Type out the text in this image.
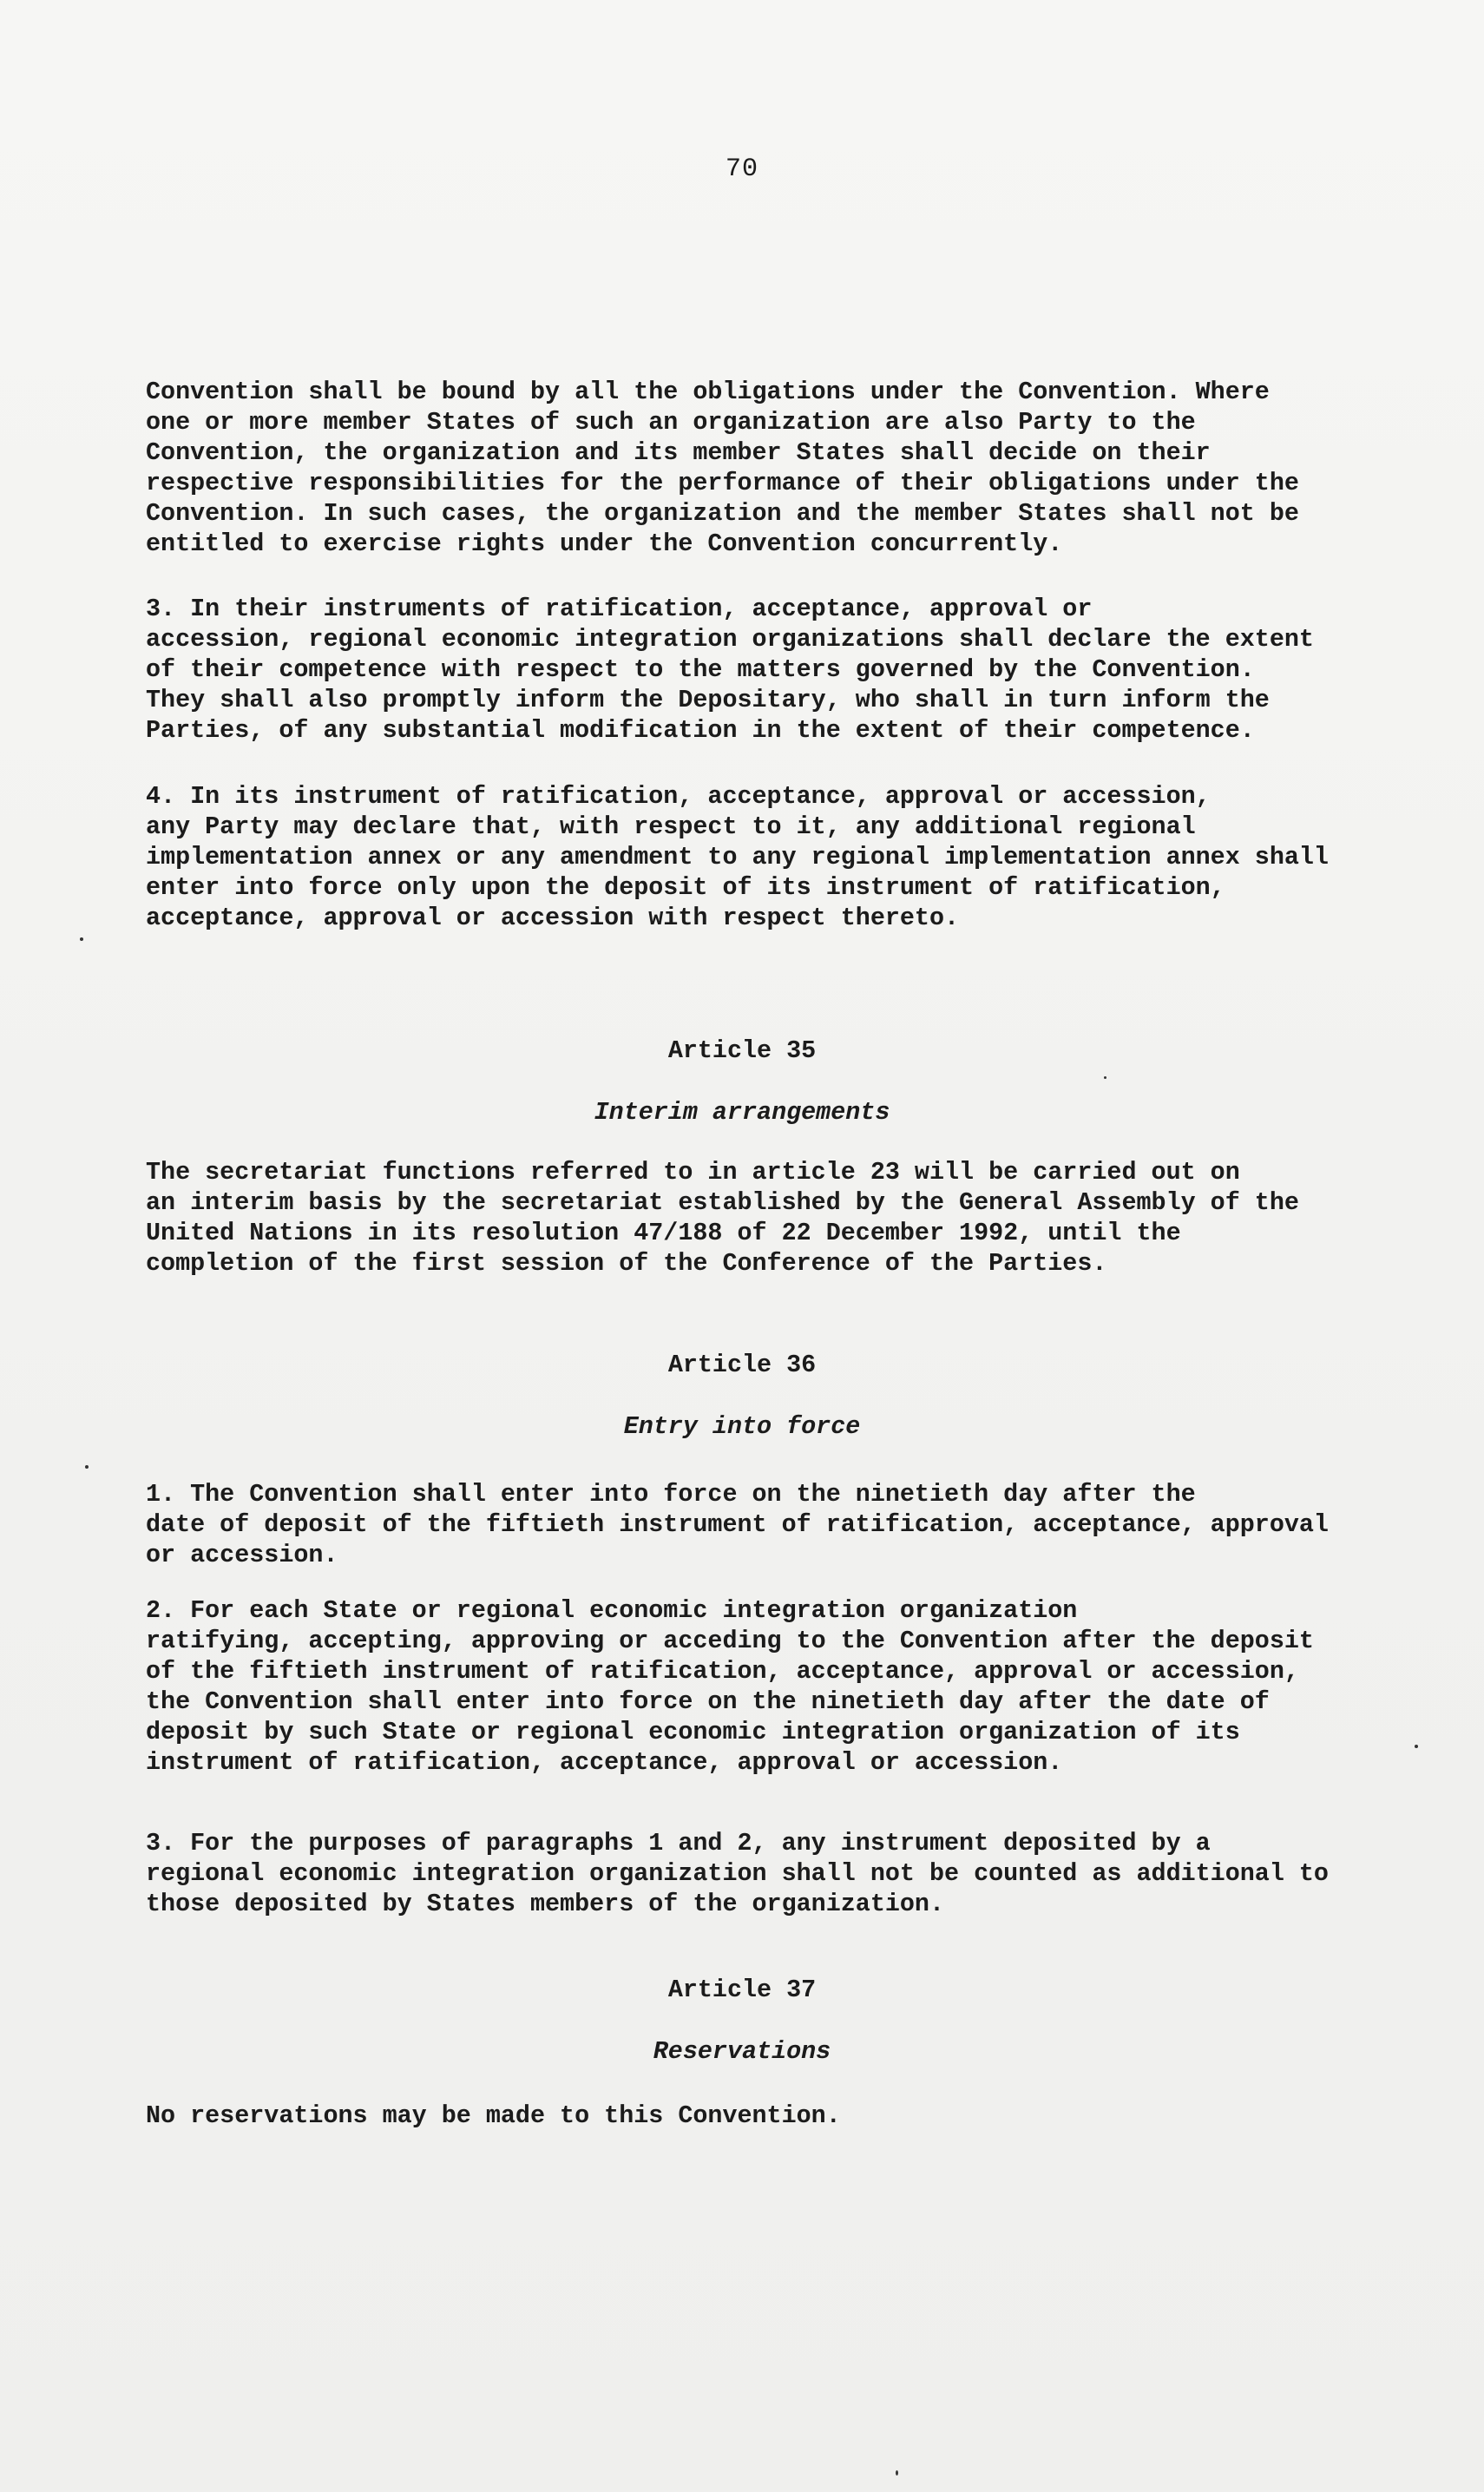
70

Convention shall be bound by all the obligations under the Convention. Where
one or more member States of such an organization are also Party to the
Convention, the organization and its member States shall decide on their
respective responsibilities for the performance of their obligations under the
Convention. In such cases, the organization and the member States shall not be
entitled to exercise rights under the Convention concurrently.

3. In their instruments of ratification, acceptance, approval or
accession, regional economic integration organizations shall declare the extent
of their competence with respect to the matters governed by the Convention.
They shall also promptly inform the Depositary, who shall in turn inform the
Parties, of any substantial modification in the extent of their competence.

4. In its instrument of ratification, acceptance, approval or accession,
any Party may declare that, with respect to it, any additional regional
implementation annex or any amendment to any regional implementation annex shall
enter into force only upon the deposit of its instrument of ratification,
acceptance, approval or accession with respect thereto.

Article 35
Interim arrangements

The secretariat functions referred to in article 23 will be carried out on
an interim basis by the secretariat established by the General Assembly of the
United Nations in its resolution 47/188 of 22 December 1992, until the
completion of the first session of the Conference of the Parties.

Article 36
Entry into force

1. The Convention shall enter into force on the ninetieth day after the
date of deposit of the fiftieth instrument of ratification, acceptance, approval
or accession.

2. For each State or regional economic integration organization
ratifying, accepting, approving or acceding to the Convention after the deposit
of the fiftieth instrument of ratification, acceptance, approval or accession,
the Convention shall enter into force on the ninetieth day after the date of
deposit by such State or regional economic integration organization of its
instrument of ratification, acceptance, approval or accession.

3. For the purposes of paragraphs 1 and 2, any instrument deposited by a
regional economic integration organization shall not be counted as additional to
those deposited by States members of the organization.

Article 37
Reservations

No reservations may be made to this Convention.
